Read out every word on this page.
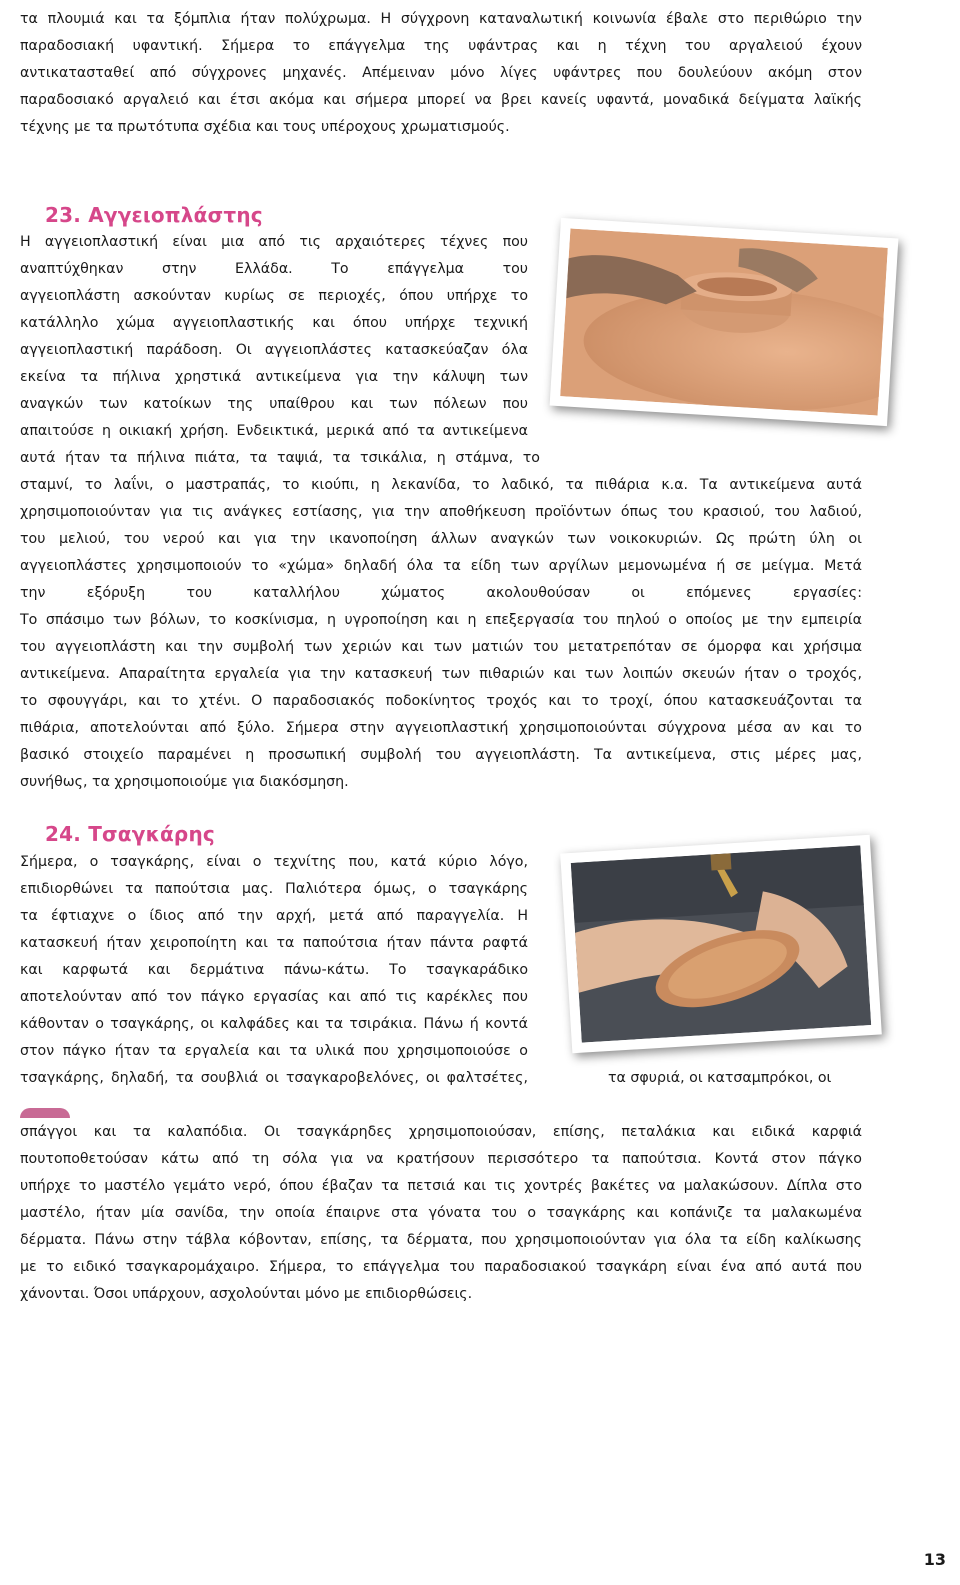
τα πλουμιά και τα ξόμπλια ήταν πολύχρωμα. Η σύγχρονη καταναλωτική κοινωνία έβαλε στο περιθώριο την
παραδοσιακή υφαντική. Σήμερα το επάγγελμα της υφάντρας και η τέχνη του αργαλειού έχουν
αντικατασταθεί από σύγχρονες μηχανές. Απέμειναν μόνο λίγες υφάντρες που δουλεύουν ακόμη στον
παραδοσιακό αργαλειό και έτσι ακόμα και σήμερα μπορεί να βρει κανείς υφαντά, μοναδικά δείγματα λαϊκής
τέχνης με τα πρωτότυπα σχέδια και τους υπέροχους χρωματισμούς.
23. Αγγειοπλάστης
Η αγγειοπλαστική είναι μια από τις αρχαιότερες τέχνες που
αναπτύχθηκαν στην Ελλάδα. Το επάγγελμα του
αγγειοπλάστη ασκούνταν κυρίως σε περιοχές, όπου υπήρχε το
κατάλληλο χώμα αγγειοπλαστικής και όπου υπήρχε τεχνική
αγγειοπλαστική παράδοση. Οι αγγειοπλάστες κατασκεύαζαν όλα
εκείνα τα πήλινα χρηστικά αντικείμενα για την κάλυψη των
αναγκών των κατοίκων της υπαίθρου και των πόλεων που
απαιτούσε η οικιακή χρήση. Ενδεικτικά, μερικά από τα αντικείμενα
αυτά ήταν τα πήλινα πιάτα, τα ταψιά, τα τσικάλια, η στάμνα, το
σταμνί, το λαΐνι, ο μαστραπάς, το κιούπι, η λεκανίδα, το λαδικό, τα πιθάρια κ.α. Τα αντικείμενα αυτά
χρησιμοποιούνταν για τις ανάγκες εστίασης, για την αποθήκευση προϊόντων όπως του κρασιού, του λαδιού,
του μελιού, του νερού και για την ικανοποίηση άλλων αναγκών των νοικοκυριών. Ως πρώτη ύλη οι
αγγειοπλάστες χρησιμοποιούν το «χώμα» δηλαδή όλα τα είδη των αργίλων μεμονωμένα ή σε μείγμα. Μετά
την εξόρυξη του καταλλήλου χώματος ακολουθούσαν οι επόμενες εργασίες:
Το σπάσιμο των βόλων, το κοσκίνισμα, η υγροποίηση και η επεξεργασία του πηλού ο οποίος με την εμπειρία
του αγγειοπλάστη και την συμβολή των χεριών και των ματιών του μετατρεπόταν σε όμορφα και χρήσιμα
αντικείμενα. Απαραίτητα εργαλεία για την κατασκευή των πιθαριών και των λοιπών σκευών ήταν ο τροχός,
το σφουγγάρι, και το χτένι. Ο παραδοσιακός ποδοκίνητος τροχός και το τροχί, όπου κατασκευάζονται τα
πιθάρια, αποτελούνται από ξύλο. Σήμερα στην αγγειοπλαστική χρησιμοποιούνται σύγχρονα μέσα αν και το
βασικό στοιχείο παραμένει η προσωπική συμβολή του αγγειοπλάστη. Τα αντικείμενα, στις μέρες μας,
συνήθως, τα χρησιμοποιούμε για διακόσμηση.
24. Τσαγκάρης
Σήμερα, ο τσαγκάρης, είναι ο τεχνίτης που, κατά κύριο λόγο,
επιδιορθώνει τα παπούτσια μας. Παλιότερα όμως, ο τσαγκάρης
τα έφτιαχνε ο ίδιος από την αρχή, μετά από παραγγελία. Η
κατασκευή ήταν χειροποίητη και τα παπούτσια ήταν πάντα ραφτά
και καρφωτά και δερμάτινα πάνω-κάτω. Το τσαγκαράδικο
αποτελούνταν από τον πάγκο εργασίας και από τις καρέκλες που
κάθονταν ο τσαγκάρης, οι καλφάδες και τα τσιράκια. Πάνω ή κοντά
στον πάγκο ήταν τα εργαλεία και τα υλικά που χρησιμοποιούσε ο
τσαγκάρης, δηλαδή, τα σουβλιά οι τσαγκαροβελόνες, οι φαλτσέτες,	τα σφυριά, οι κατσαμπρόκοι, οι
σπάγγοι και τα καλαπόδια. Οι τσαγκάρηδες χρησιμοποιούσαν, επίσης, πεταλάκια και ειδικά καρφιά
πουτοποθετούσαν κάτω από τη σόλα για να κρατήσουν περισσότερο τα παπούτσια. Κοντά στον πάγκο
υπήρχε το μαστέλο γεμάτο νερό, όπου έβαζαν τα πετσιά και τις χοντρές βακέτες να μαλακώσουν. Δίπλα στο
μαστέλο, ήταν μία σανίδα, την οποία έπαιρνε στα γόνατα του ο τσαγκάρης και κοπάνιζε τα μαλακωμένα
δέρματα. Πάνω στην τάβλα κόβονταν, επίσης, τα δέρματα, που χρησιμοποιούνταν για όλα τα είδη καλίκωσης
με το ειδικό τσαγκαρομάχαιρο. Σήμερα, το επάγγελμα του παραδοσιακού τσαγκάρη είναι ένα από αυτά που
χάνονται. Όσοι υπάρχουν, ασχολούνται μόνο με επιδιορθώσεις.
13
